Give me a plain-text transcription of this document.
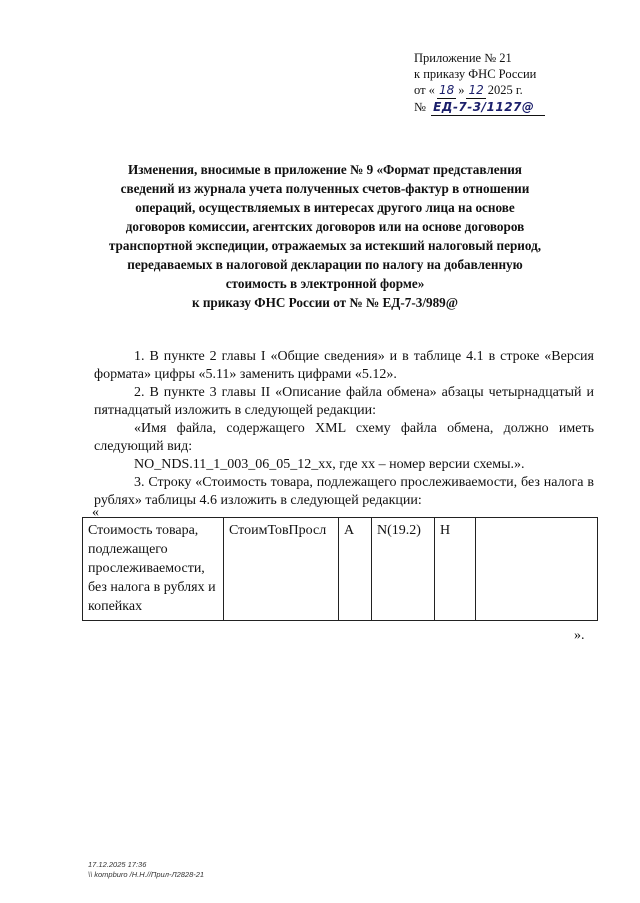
Приложение № 21
к приказу ФНС России
от « 18 » 12 2025 г.
№ ЕД-7-3/1127@
Изменения, вносимые в приложение № 9 «Формат представления
сведений из журнала учета полученных счетов-фактур в отношении
операций, осуществляемых в интересах другого лица на основе
договоров комиссии, агентских договоров или на основе договоров
транспортной экспедиции, отражаемых за истекший налоговый период,
передаваемых в налоговой декларации по налогу на добавленную
стоимость в электронной форме»
к приказу ФНС России от № № ЕД-7-3/989@

1. В пункте 2 главы I «Общие сведения» и в таблице 4.1 в строке «Версия формата» цифры «5.11» заменить цифрами «5.12».

2. В пункте 3 главы II «Описание файла обмена» абзацы четырнадцатый и пятнадцатый изложить в следующей редакции:

«Имя файла, содержащего XML схему файла обмена, должно иметь следующий вид:

NO_NDS.11_1_003_06_05_12_xx, где xx – номер версии схемы.».

3. Строку «Стоимость товара, подлежащего прослеживаемости, без налога в рублях» таблицы 4.6 изложить в следующей редакции:

«
Стоимость товара, подлежащего прослеживаемости, без налога в рублях и копейках	СтоимТовПросл	А	N(19.2)	Н	
».
17.12.2025 17:36
\\ kompburo /Н.Н.//Прил-Л2828-21
